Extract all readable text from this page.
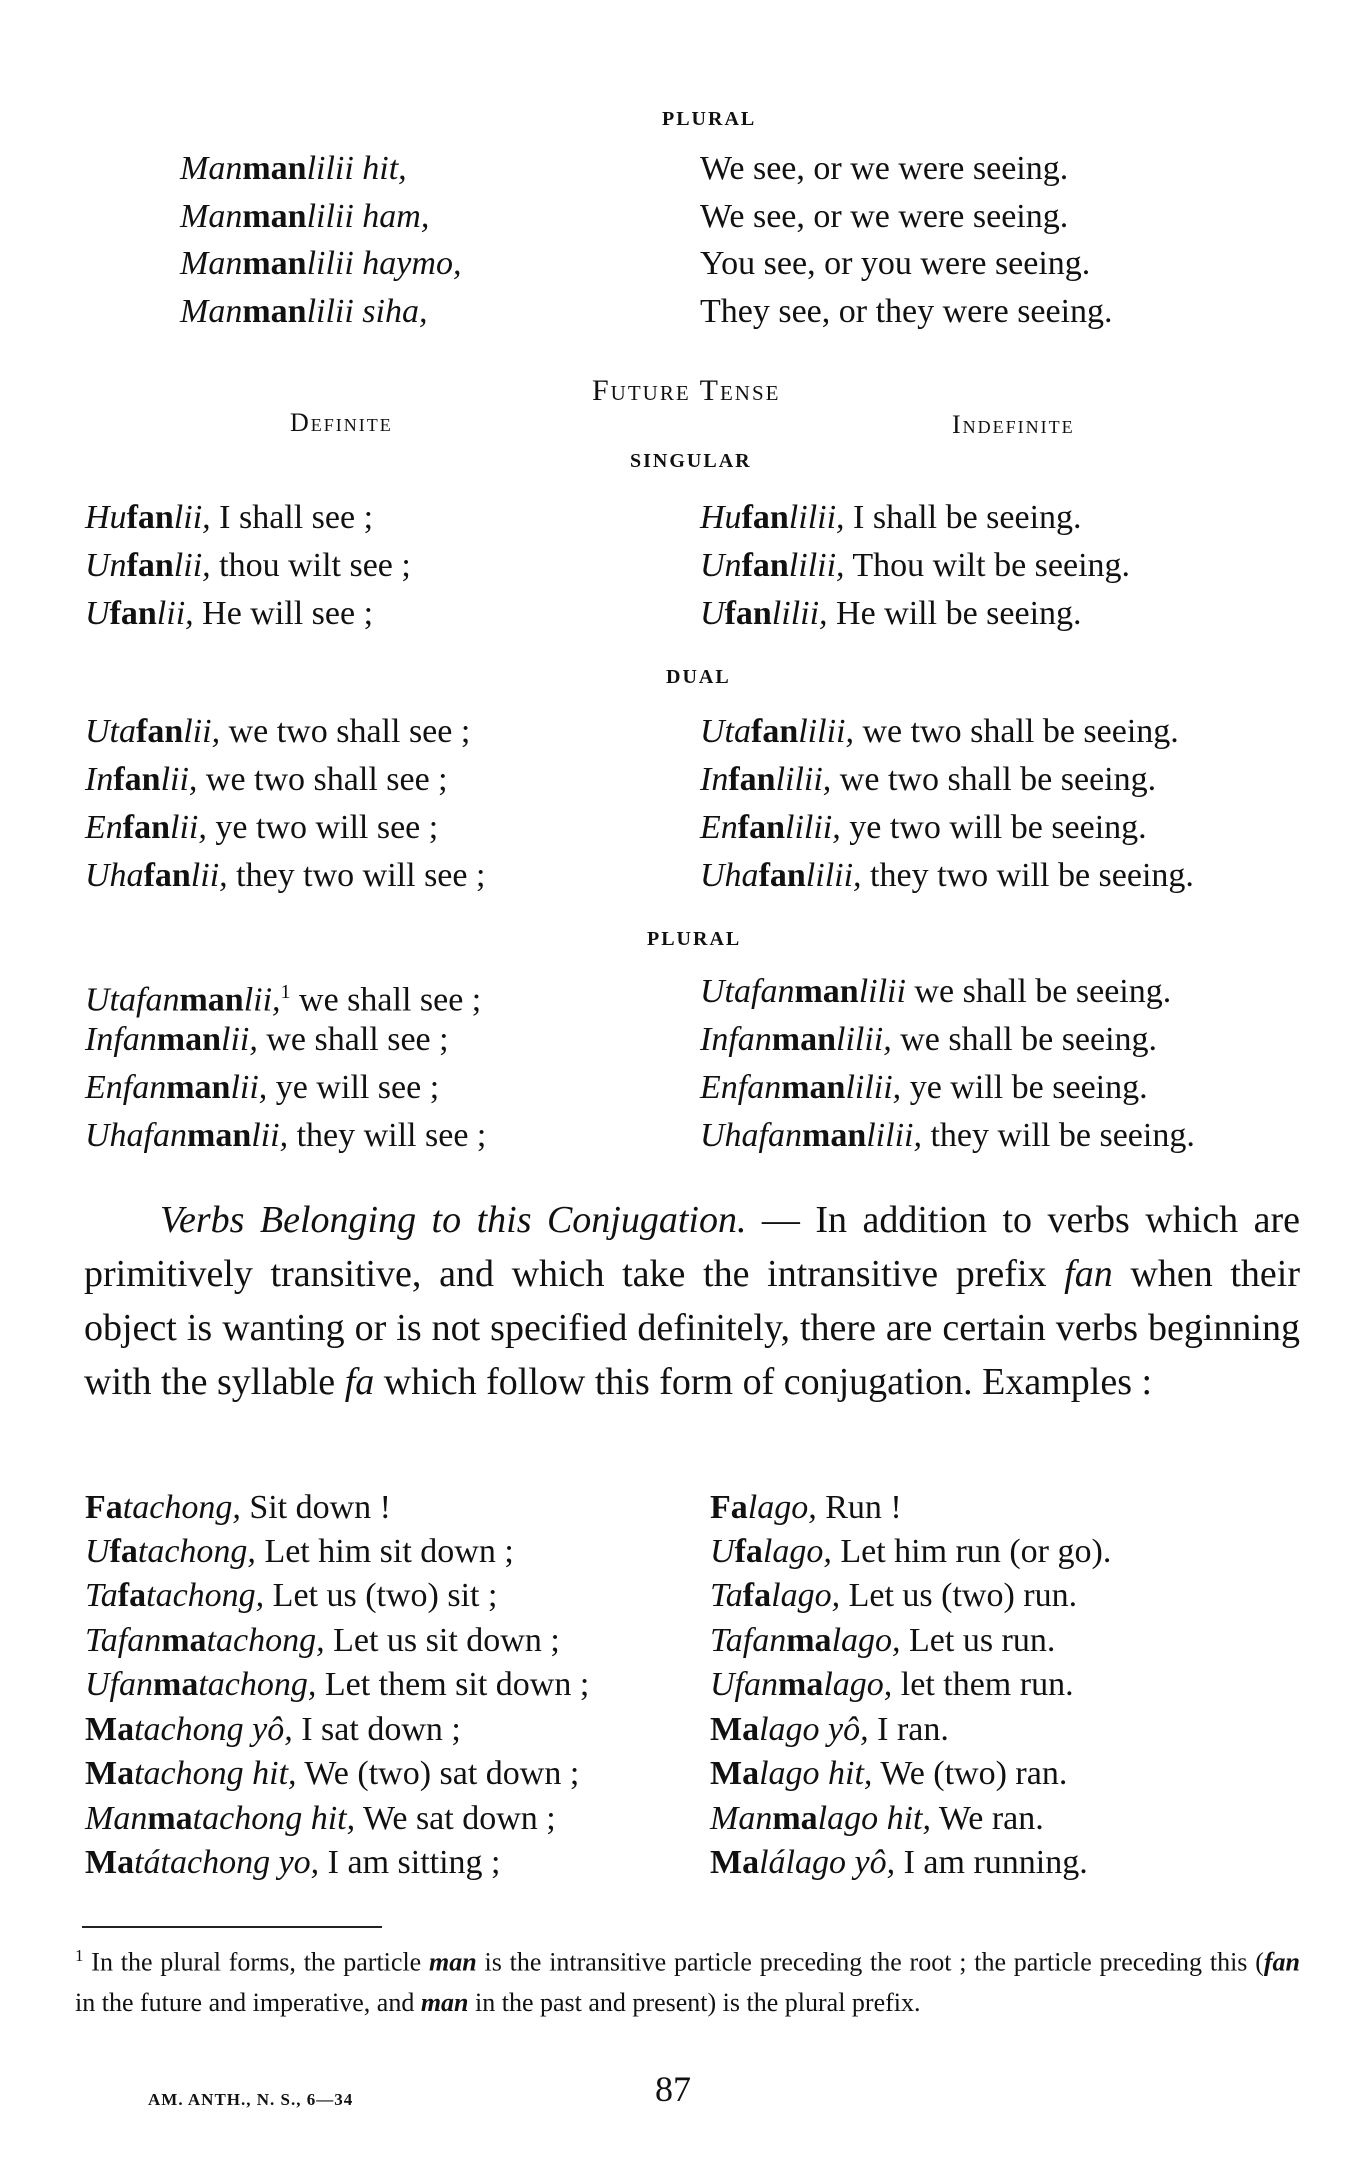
PLURAL
Manmanlilii hit,	We see, or we were seeing.
Manmanlilii ham,	We see, or we were seeing.
Manmanlilii haymo,	You see, or you were seeing.
Manmanlilii siha,	They see, or they were seeing.
Future Tense
Definite	Indefinite
SINGULAR
Hufanlii, I shall see ;	Hufanlilii, I shall be seeing.
Unfanlii, thou wilt see ;	Unfanlilii, Thou wilt be seeing.
Ufanlii, He will see ;	Ufanlilii, He will be seeing.
DUAL
Utafanlii, we two shall see ;	Utafanlilii, we two shall be seeing.
Infanlii, we two shall see ;	Infanlilii, we two shall be seeing.
Enfanlii, ye two will see ;	Enfanlilii, ye two will be seeing.
Uhafanlii, they two will see ;	Uhafanlilii, they two will be seeing.
PLURAL
Utafanmanlii,$^1$ we shall see ;	Utafanmanlilii we shall be seeing.
Infanmanlii, we shall see ;	Infanmanlilii, we shall be seeing.
Enfanmanlii, ye will see ;	Enfanmanlilii, ye will be seeing.
Uhafanmanlii, they will see ;	Uhafanmanlilii, they will be seeing.
Verbs Belonging to this Conjugation. — In addition to verbs which are primitively transitive, and which take the intransitive prefix fan when their object is wanting or is not specified definitely, there are certain verbs beginning with the syllable fa which follow this form of conjugation. Examples :
Fatachong, Sit down !	Falago, Run !
Ufatachong, Let him sit down ;	Ufalago, Let him run (or go).
Tafatachong, Let us (two) sit ;	Tafalago, Let us (two) run.
Tafanmatachong, Let us sit down ;	Tafanmalago, Let us run.
Ufanmatachong, Let them sit down ;	Ufanmalago, let them run.
Matachong yô, I sat down ;	Malago yô, I ran.
Matachong hit, We (two) sat down ;	Malago hit, We (two) ran.
Manmatachong hit, We sat down ;	Manmalago hit, We ran.
Matátachong yo, I am sitting ;	Malálago yô, I am running.
$^1$ In the plural forms, the particle man is the intransitive particle preceding the root ; the particle preceding this (fan in the future and imperative, and man in the past and present) is the plural prefix.
AM. ANTH., N. S., 6—34	87
